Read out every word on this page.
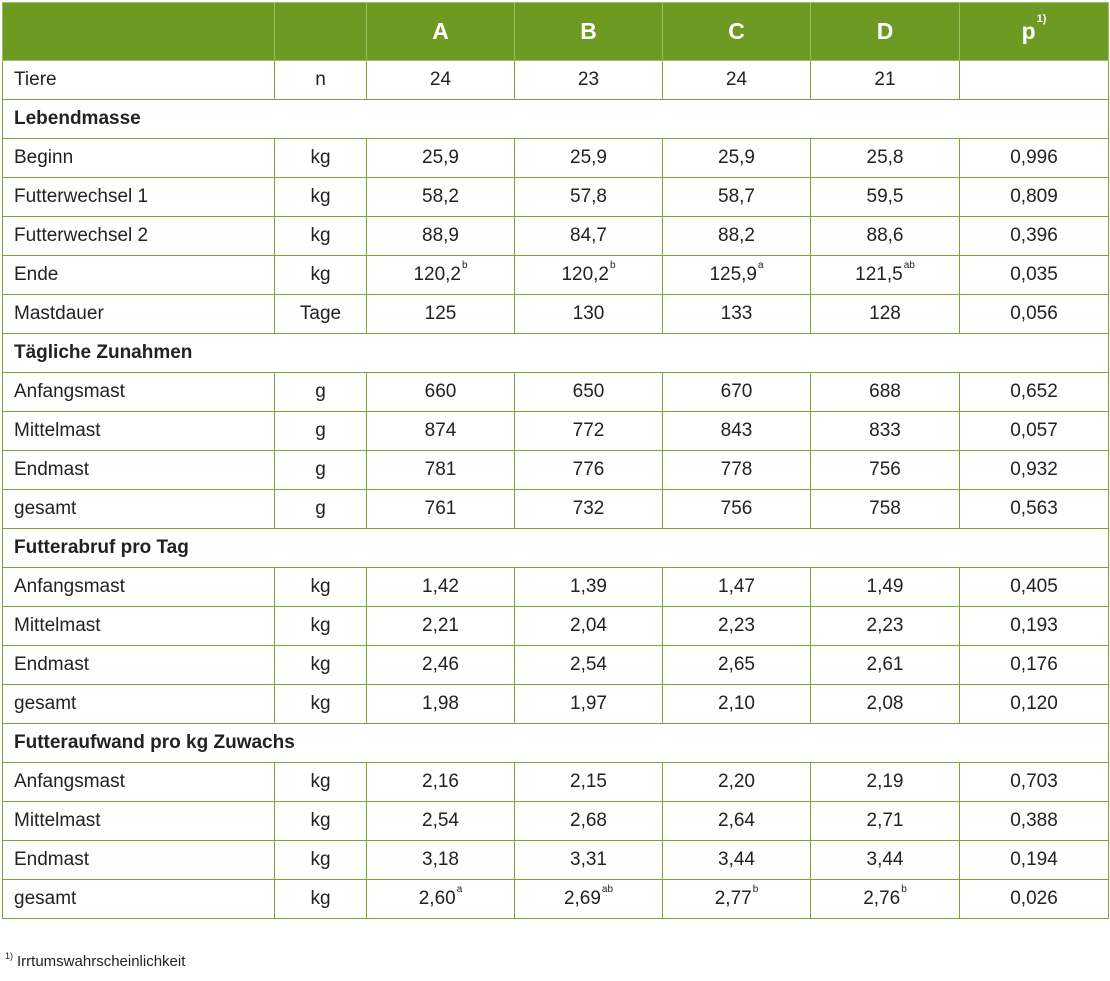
		A	B	C	D	$p^{1)}$
Tiere	n	24	23	24	21	
Lebendmasse						
Beginn	kg	25,9	25,9	25,9	25,8	0,996
Futterwechsel 1	kg	58,2	57,8	58,7	59,5	0,809
Futterwechsel 2	kg	88,9	84,7	88,2	88,6	0,396
Ende	kg	120,2$^b$	120,2$^b$	125,9$^a$	121,5$^{ab}$	0,035
Mastdauer	Tage	125	130	133	128	0,056
Tägliche Zunahmen						
Anfangsmast	g	660	650	670	688	0,652
Mittelmast	g	874	772	843	833	0,057
Endmast	g	781	776	778	756	0,932
gesamt	g	761	732	756	758	0,563
Futterabruf pro Tag						
Anfangsmast	kg	1,42	1,39	1,47	1,49	0,405
Mittelmast	kg	2,21	2,04	2,23	2,23	0,193
Endmast	kg	2,46	2,54	2,65	2,61	0,176
gesamt	kg	1,98	1,97	2,10	2,08	0,120
Futteraufwand pro kg Zuwachs						
Anfangsmast	kg	2,16	2,15	2,20	2,19	0,703
Mittelmast	kg	2,54	2,68	2,64	2,71	0,388
Endmast	kg	3,18	3,31	3,44	3,44	0,194
gesamt	kg	2,60$^a$	2,69$^{ab}$	2,77$^b$	2,76$^b$	0,026
$^{1)}$ Irrtumswahrscheinlichkeit
